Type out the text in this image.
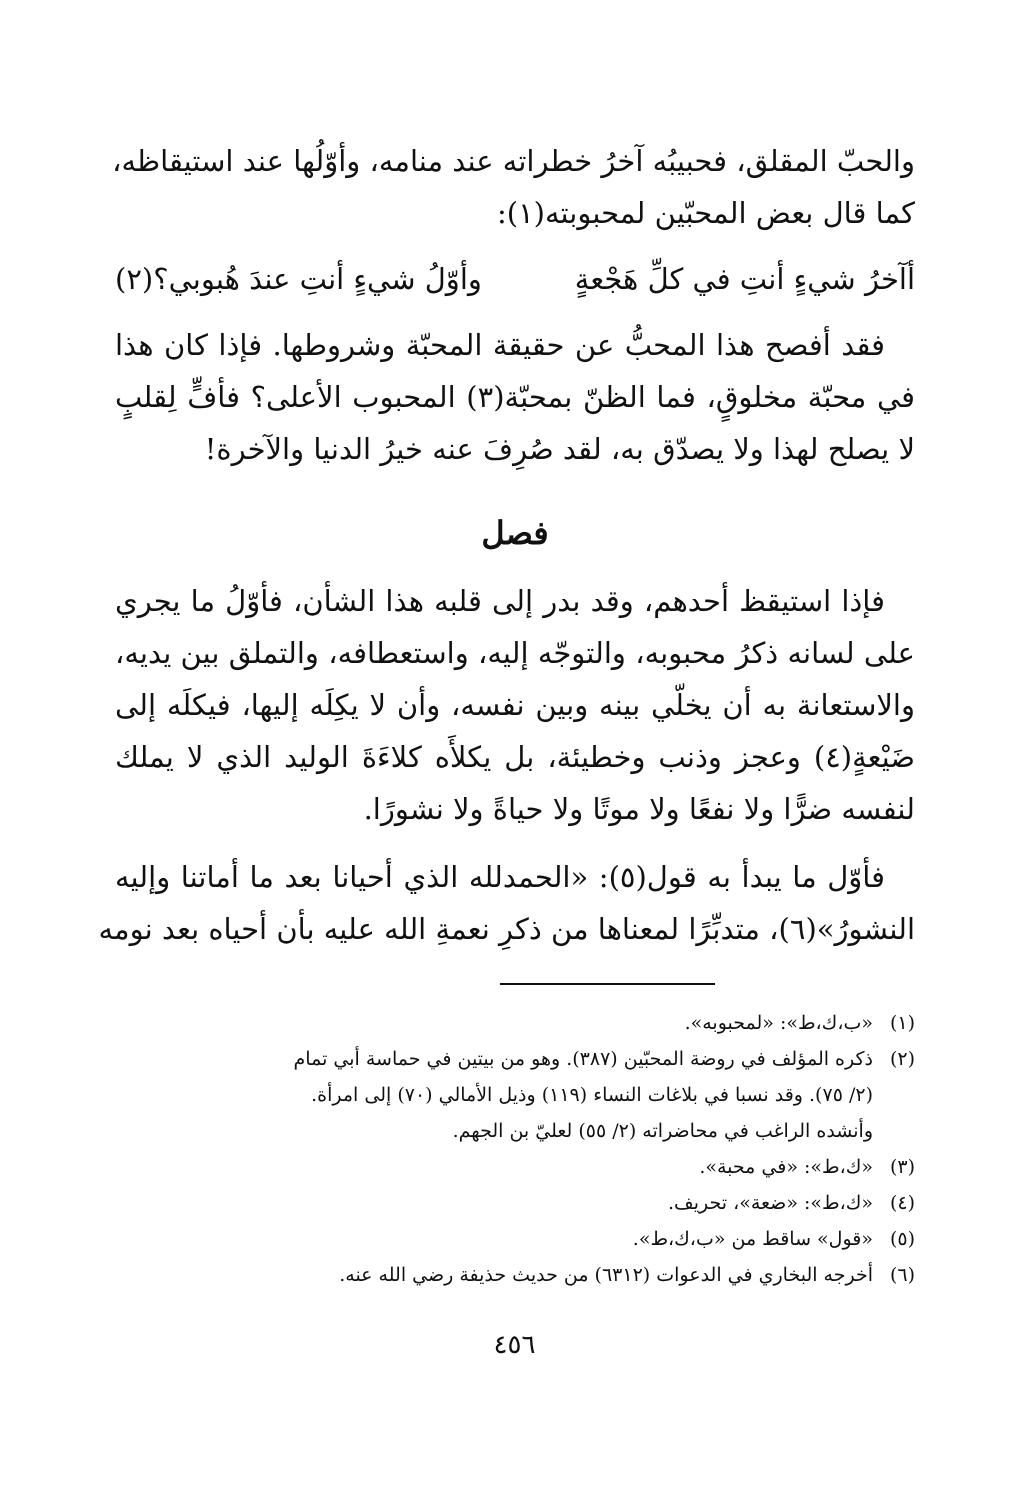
والحبّ المقلق، فحبيبُه آخرُ خطراته عند منامه، وأوّلُها عند استيقاظه،
كما قال بعض المحبّين لمحبوبته(١):

أآخرُ شيءٍ أنتِ في كلِّ هَجْعةٍ
وأوّلُ شيءٍ أنتِ عندَ هُبوبي؟(٢)

فقد أفصح هذا المحبُّ عن حقيقة المحبّة وشروطها. فإذا كان هذا
في محبّة مخلوقٍ، فما الظنّ بمحبّة(٣) المحبوب الأعلى؟ فأفٍّ لِقلبٍ
لا يصلح لهذا ولا يصدّق به، لقد صُرِفَ عنه خيرُ الدنيا والآخرة!

فصل

فإذا استيقظ أحدهم، وقد بدر إلى قلبه هذا الشأن، فأوّلُ ما يجري
على لسانه ذكرُ محبوبه، والتوجّه إليه، واستعطافه، والتملق بين يديه،
والاستعانة به أن يخلّي بينه وبين نفسه، وأن لا يكِلَه إليها، فيكلَه إلى
ضَيْعةٍ(٤) وعجز وذنب وخطيئة، بل يكلأَه كلاءَةَ الوليد الذي لا يملك
لنفسه ضرًّا ولا نفعًا ولا موتًا ولا حياةً ولا نشورًا.

فأوّل ما يبدأ به قول(٥): «الحمدلله الذي أحيانا بعد ما أماتنا وإليه
النشورُ»(٦)، متدبِّرًا لمعناها من ذكرِ نعمةِ الله عليه بأن أحياه بعد نومه

(١)
«ب،ك،ط»: «لمحبوبه».
(٢)
ذكره المؤلف في روضة المحبّين (٣٨٧). وهو من بيتين في حماسة أبي تمام
(٢/ ٧٥). وقد نسبا في بلاغات النساء (١١٩) وذيل الأمالي (٧٠) إلى امرأة.
وأنشده الراغب في محاضراته (٢/ ٥٥) لعليّ بن الجهم.
(٣)
«ك،ط»: «في محبة».
(٤)
«ك،ط»: «ضعة»، تحريف.
(٥)
«قول» ساقط من «ب،ك،ط».
(٦)
أخرجه البخاري في الدعوات (٦٣١٢) من حديث حذيفة رضي الله عنه.
٤٥٦
